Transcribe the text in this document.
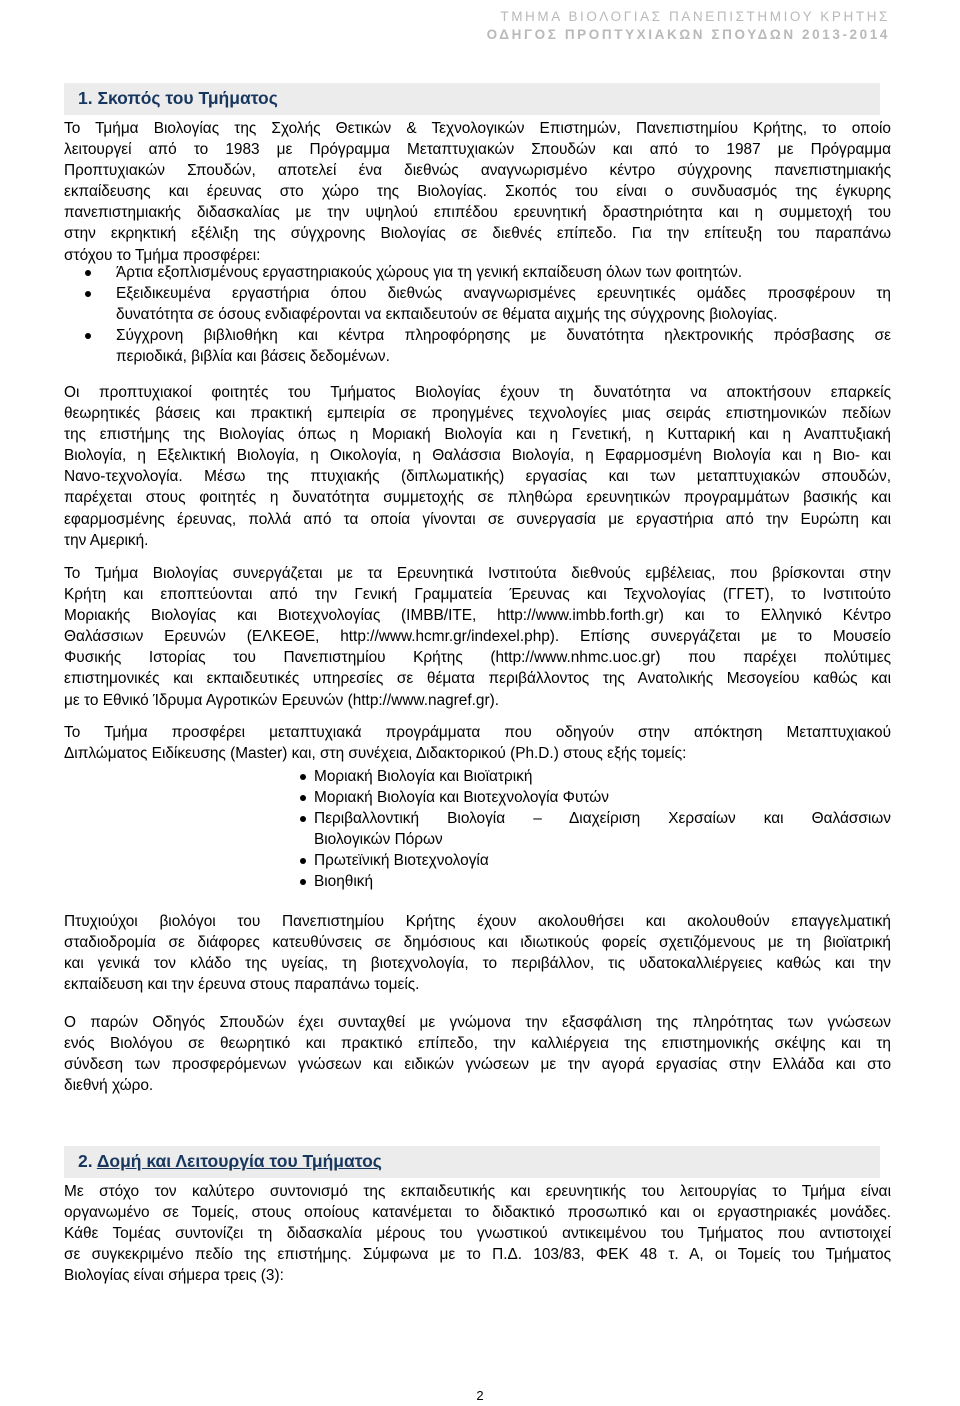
ΤΜΗΜΑ ΒΙΟΛΟΓΙΑΣ ΠΑΝΕΠΙΣΤΗΜΙΟΥ ΚΡΗΤΗΣ
ΟΔΗΓΟΣ ΠΡΟΠΤΥΧΙΑΚΩΝ ΣΠΟΥΔΩΝ 2013-2014
1. Σκοπός του Τμήματος
Το Τμήμα Βιολογίας της Σχολής Θετικών & Τεχνολογικών Επιστημών, Πανεπιστημίου Κρήτης, το οποίο
λειτουργεί από το 1983 με Πρόγραμμα Μεταπτυχιακών Σπουδών και από το 1987 με Πρόγραμμα
Προπτυχιακών Σπουδών, αποτελεί ένα διεθνώς αναγνωρισμένο κέντρο σύγχρονης πανεπιστημιακής
εκπαίδευσης και έρευνας στο χώρο της Βιολογίας. Σκοπός του είναι ο συνδυασμός της έγκυρης
πανεπιστημιακής διδασκαλίας με την υψηλού επιπέδου ερευνητική δραστηριότητα και η συμμετοχή του
στην εκρηκτική εξέλιξη της σύγχρονης Βιολογίας σε διεθνές επίπεδο. Για την επίτευξη του παραπάνω
στόχου το Τμήμα προσφέρει:
Άρτια εξοπλισμένους εργαστηριακούς χώρους για τη γενική εκπαίδευση όλων των φοιτητών.
Εξειδικευμένα εργαστήρια όπου διεθνώς αναγνωρισμένες ερευνητικές ομάδες προσφέρουν τη
δυνατότητα σε όσους ενδιαφέρονται να εκπαιδευτούν σε θέματα αιχμής της σύγχρονης βιολογίας.
Σύγχρονη βιβλιοθήκη και κέντρα πληροφόρησης με δυνατότητα ηλεκτρονικής πρόσβασης σε
περιοδικά, βιβλία και βάσεις δεδομένων.
Οι προπτυχιακοί φοιτητές του Τμήματος Βιολογίας έχουν τη δυνατότητα να αποκτήσουν επαρκείς
θεωρητικές βάσεις και πρακτική εμπειρία σε προηγμένες τεχνολογίες μιας σειράς επιστημονικών πεδίων
της επιστήμης της Βιολογίας όπως η Μοριακή Βιολογία και η Γενετική, η Κυτταρική και η Αναπτυξιακή
Βιολογία, η Εξελικτική Βιολογία, η Οικολογία, η Θαλάσσια Βιολογία, η Εφαρμοσμένη Βιολογία και η Βιο- και
Νανο-τεχνολογία. Μέσω της πτυχιακής (διπλωματικής) εργασίας και των μεταπτυχιακών σπουδών,
παρέχεται στους φοιτητές η δυνατότητα συμμετοχής σε πληθώρα ερευνητικών προγραμμάτων βασικής και
εφαρμοσμένης έρευνας, πολλά από τα οποία γίνονται σε συνεργασία με εργαστήρια από την Ευρώπη και
την Αμερική.
Το Τμήμα Βιολογίας συνεργάζεται με τα Ερευνητικά Ινστιτούτα διεθνούς εμβέλειας, που βρίσκονται στην
Κρήτη και εποπτεύονται από την Γενική Γραμματεία Έρευνας και Τεχνολογίας (ΓΓΕΤ), το Ινστιτούτο
Μοριακής Βιολογίας και Βιοτεχνολογίας (IMBB/ITE, http://www.imbb.forth.gr) και το Ελληνικό Κέντρο
Θαλάσσιων Ερευνών (ΕΛΚΕΘΕ, http://www.hcmr.gr/indexel.php). Επίσης συνεργάζεται με το Μουσείο
Φυσικής Ιστορίας του Πανεπιστημίου Κρήτης (http://www.nhmc.uoc.gr) που παρέχει πολύτιμες
επιστημονικές και εκπαιδευτικές υπηρεσίες σε θέματα περιβάλλοντος της Ανατολικής Μεσογείου καθώς και
με το Εθνικό Ίδρυμα Αγροτικών Ερευνών (http://www.nagref.gr).
Το Τμήμα προσφέρει μεταπτυχιακά προγράμματα που οδηγούν στην απόκτηση Μεταπτυχιακού
Διπλώματος Ειδίκευσης (Master) και, στη συνέχεια, Διδακτορικού (Ph.D.) στους εξής τομείς:
Μοριακή Βιολογία και Βιοϊατρική
Μοριακή Βιολογία και Βιοτεχνολογία Φυτών
Περιβαλλοντική Βιολογία – Διαχείριση Χερσαίων και Θαλάσσιων
Βιολογικών Πόρων
Πρωτεϊνική Βιοτεχνολογία
Βιοηθική
Πτυχιούχοι βιολόγοι του Πανεπιστημίου Κρήτης έχουν ακολουθήσει και ακολουθούν επαγγελματική
σταδιοδρομία σε διάφορες κατευθύνσεις σε δημόσιους και ιδιωτικούς φορείς σχετιζόμενους με τη βιοϊατρική
και γενικά τον κλάδο της υγείας, τη βιοτεχνολογία, το περιβάλλον, τις υδατοκαλλιέργειες καθώς και την
εκπαίδευση και την έρευνα στους παραπάνω τομείς.
Ο παρών Οδηγός Σπουδών έχει συνταχθεί με γνώμονα την εξασφάλιση της πληρότητας των γνώσεων
ενός Βιολόγου σε θεωρητικό και πρακτικό επίπεδο, την καλλιέργεια της επιστημονικής σκέψης και τη
σύνδεση των προσφερόμενων γνώσεων και ειδικών γνώσεων με την αγορά εργασίας στην Ελλάδα και στο
διεθνή χώρο.
2. Δομή και Λειτουργία του Τμήματος
Με στόχο τον καλύτερο συντονισμό της εκπαιδευτικής και ερευνητικής του λειτουργίας το Τμήμα είναι
οργανωμένο σε Τομείς, στους οποίους κατανέμεται το διδακτικό προσωπικό και οι εργαστηριακές μονάδες.
Κάθε Τομέας συντονίζει τη διδασκαλία μέρους του γνωστικού αντικειμένου του Τμήματος που αντιστοιχεί
σε συγκεκριμένο πεδίο της επιστήμης. Σύμφωνα με το Π.Δ. 103/83, ΦΕΚ 48 τ. Α, οι Τομείς του Τμήματος
Βιολογίας είναι σήμερα τρεις (3):
2
